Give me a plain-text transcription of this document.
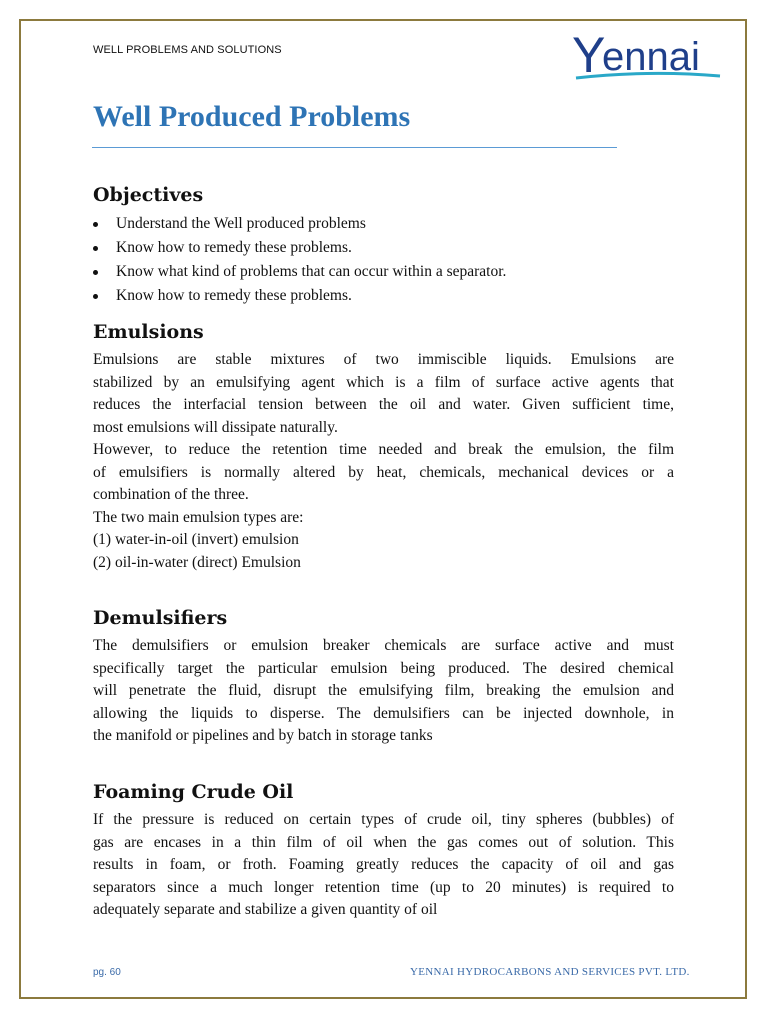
WELL PROBLEMS AND SOLUTIONS	Y
ennai
Well Produced Problems
Objectives
Understand the Well produced problems
Know how to remedy these problems.
Know what kind of problems that can occur within a separator.
Know how to remedy these problems.
Emulsions
Emulsions are stable mixtures of two immiscible liquids. Emulsions are
stabilized by an emulsifying agent which is a film of surface active agents that
reduces the interfacial tension between the oil and water. Given sufficient time,
most emulsions will dissipate naturally.
However, to reduce the retention time needed and break the emulsion, the film
of emulsifiers is normally altered by heat, chemicals, mechanical devices or a
combination of the three.
The two main emulsion types are:
(1) water-in-oil (invert) emulsion
(2) oil-in-water (direct) Emulsion
Demulsifiers
The demulsifiers or emulsion breaker chemicals are surface active and must
specifically target the particular emulsion being produced. The desired chemical
will penetrate the fluid, disrupt the emulsifying film, breaking the emulsion and
allowing the liquids to disperse. The demulsifiers can be injected downhole, in
the manifold or pipelines and by batch in storage tanks
Foaming Crude Oil
If the pressure is reduced on certain types of crude oil, tiny spheres (bubbles) of
gas are encases in a thin film of oil when the gas comes out of solution. This
results in foam, or froth. Foaming greatly reduces the capacity of oil and gas
separators since a much longer retention time (up to 20 minutes) is required to
adequately separate and stabilize a given quantity of oil
pg. 60	YENNAI HYDROCARBONS AND SERVICES PVT. LTD.
